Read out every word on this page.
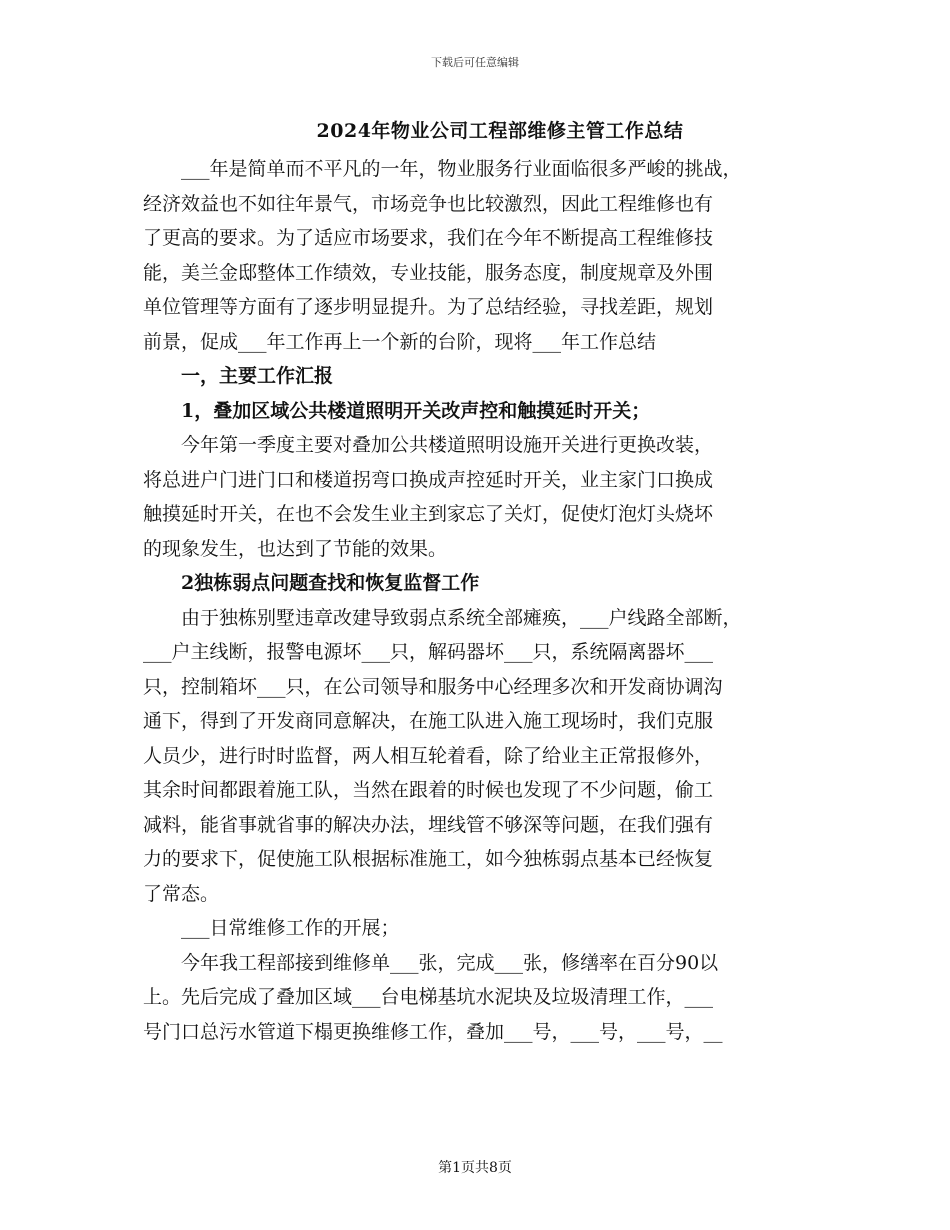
下载后可任意编辑
2024年物业公司工程部维修主管工作总结
　　___年是简单而不平凡的一年，物业服务行业面临很多严峻的挑战，
经济效益也不如往年景气，市场竞争也比较激烈，因此工程维修也有
了更高的要求。为了适应市场要求，我们在今年不断提高工程维修技
能，美兰金邸整体工作绩效，专业技能，服务态度，制度规章及外围
单位管理等方面有了逐步明显提升。为了总结经验，寻找差距，规划
前景，促成___年工作再上一个新的台阶，现将___年工作总结
　　一，主要工作汇报
　　1，叠加区域公共楼道照明开关改声控和触摸延时开关；
　　今年第一季度主要对叠加公共楼道照明设施开关进行更换改装，
将总进户门进门口和楼道拐弯口换成声控延时开关，业主家门口换成
触摸延时开关，在也不会发生业主到家忘了关灯，促使灯泡灯头烧坏
的现象发生，也达到了节能的效果。
　　2独栋弱点问题查找和恢复监督工作
　　由于独栋别墅违章改建导致弱点系统全部瘫痪，___户线路全部断，
___户主线断，报警电源坏___只，解码器坏___只，系统隔离器坏___
只，控制箱坏___只，在公司领导和服务中心经理多次和开发商协调沟
通下，得到了开发商同意解决，在施工队进入施工现场时，我们克服
人员少，进行时时监督，两人相互轮着看，除了给业主正常报修外，
其余时间都跟着施工队，当然在跟着的时候也发现了不少问题，偷工
减料，能省事就省事的解决办法，埋线管不够深等问题，在我们强有
力的要求下，促使施工队根据标准施工，如今独栋弱点基本已经恢复
了常态。
　　___日常维修工作的开展；
　　今年我工程部接到维修单___张，完成___张，修缮率在百分90以
上。先后完成了叠加区域___台电梯基坑水泥块及垃圾清理工作，___
号门口总污水管道下榻更换维修工作，叠加___号，___号，___号，__
第1页共8页
